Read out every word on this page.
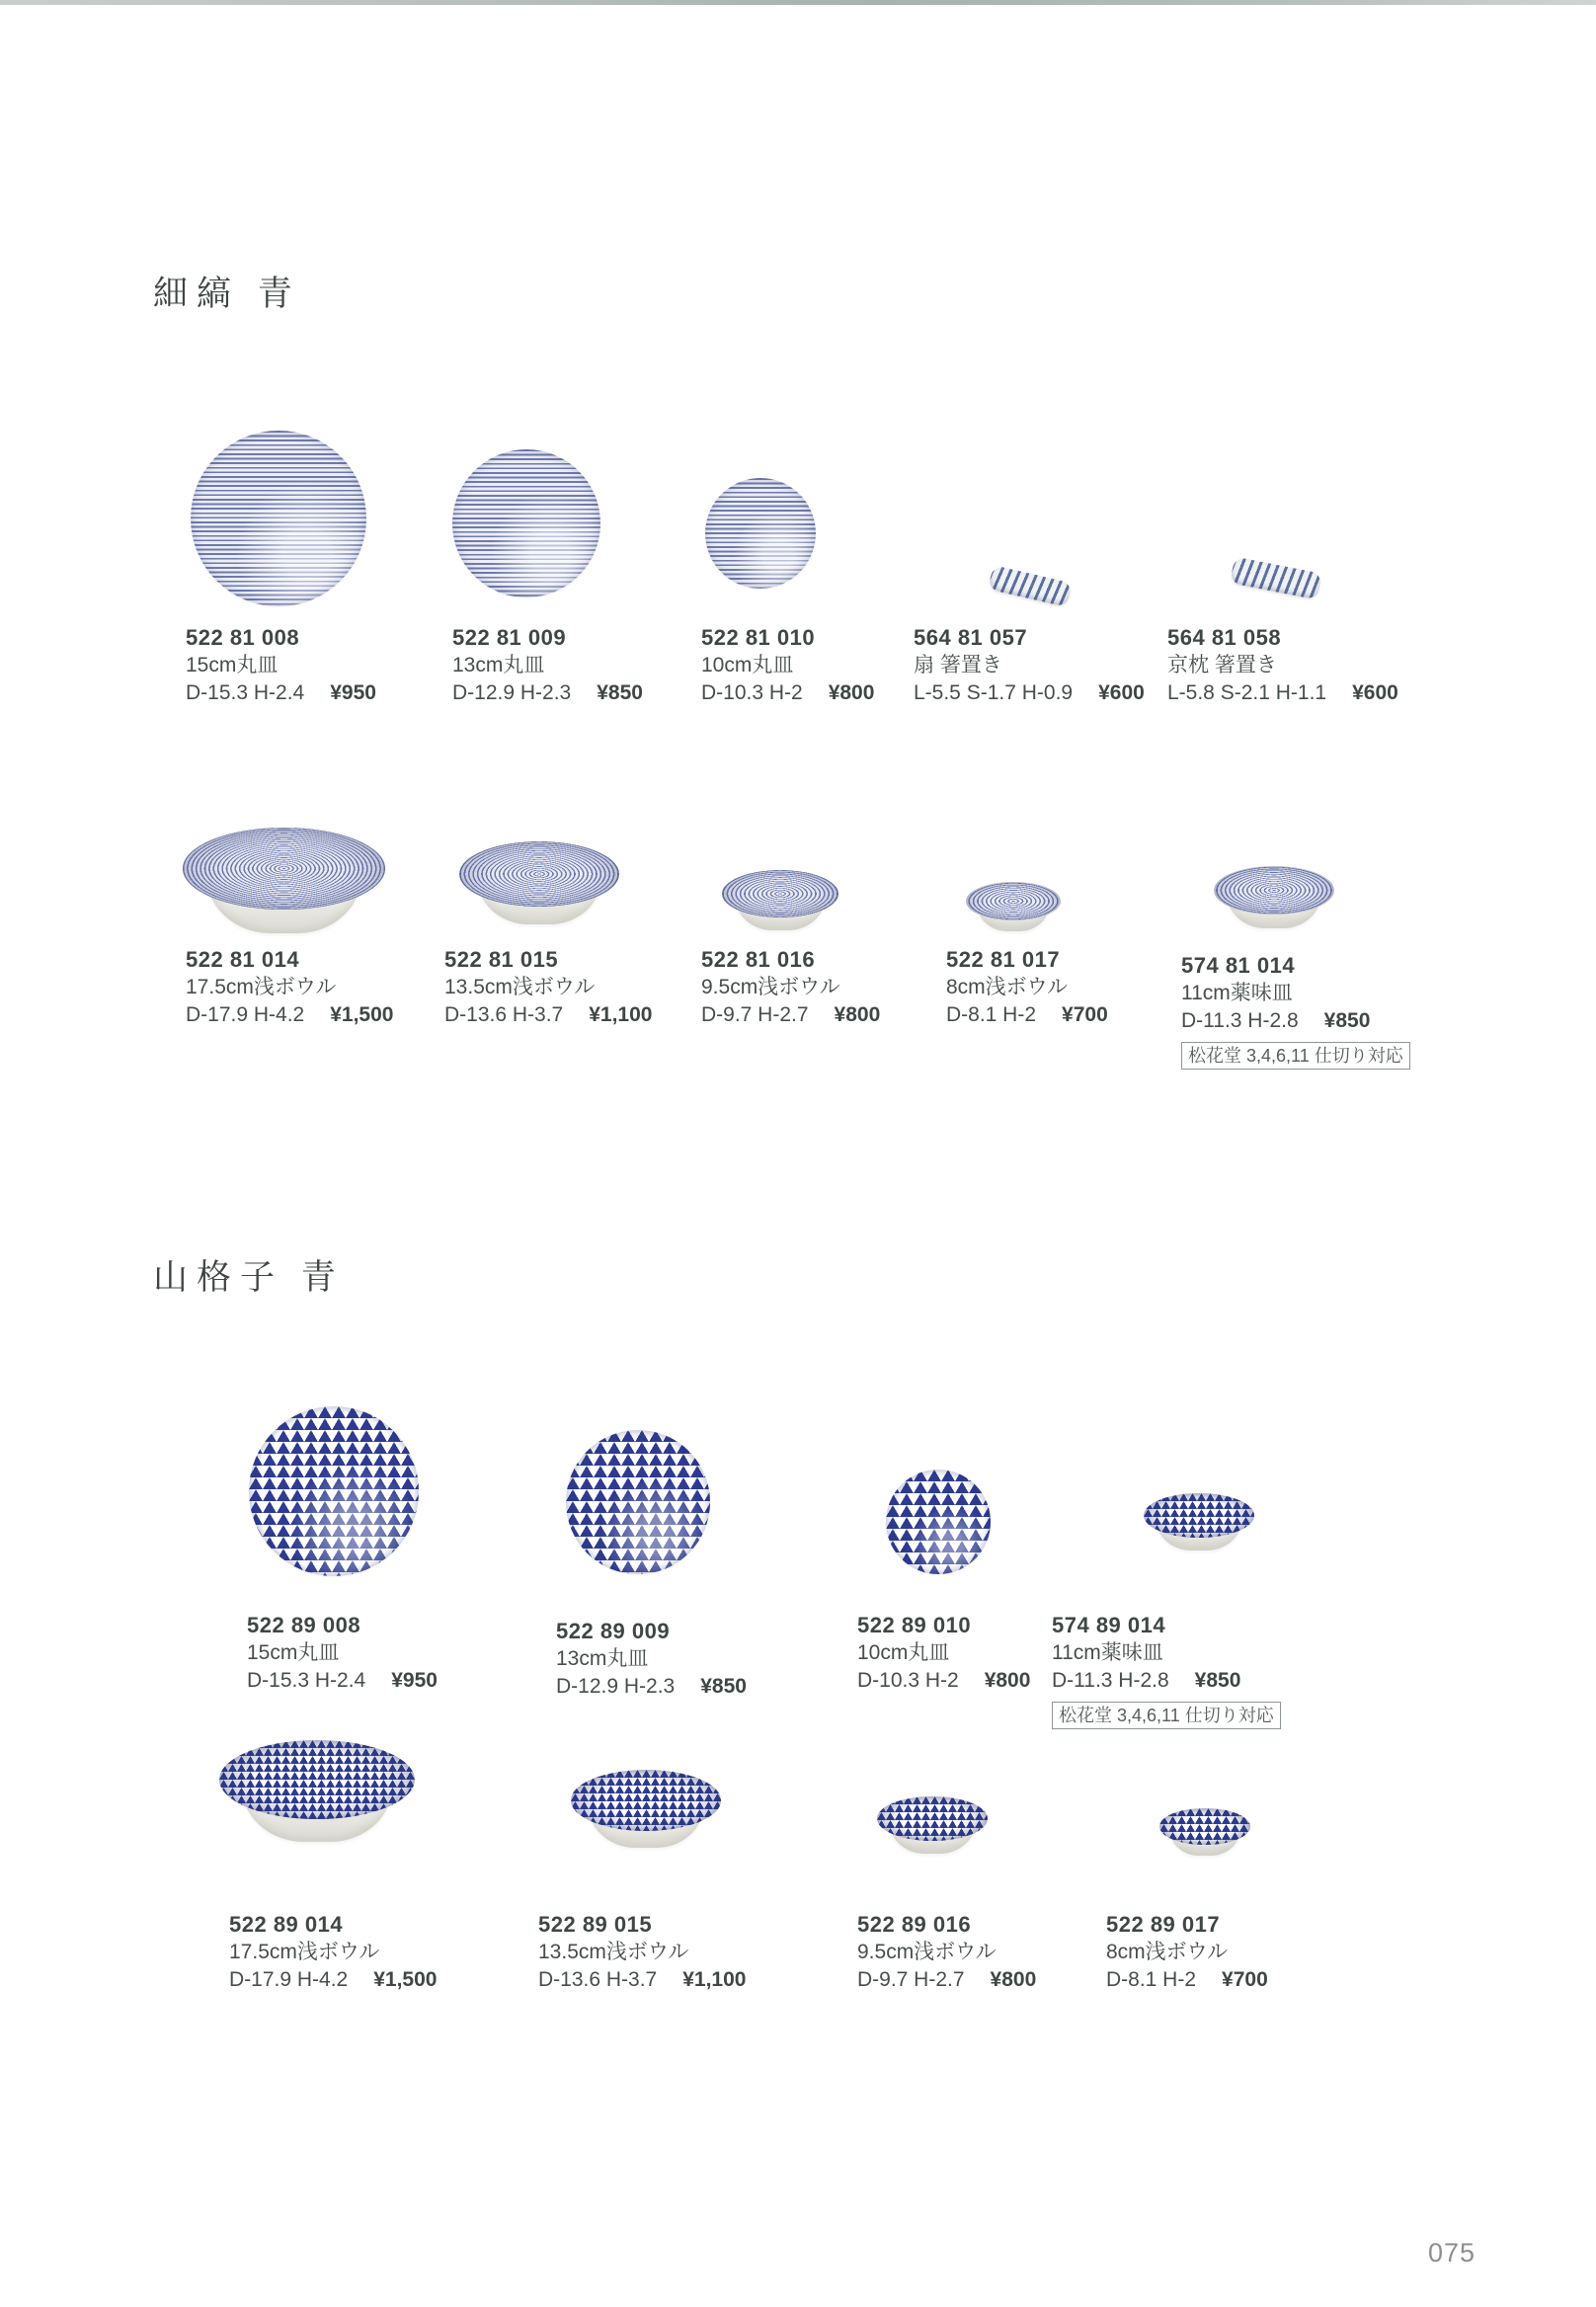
細縞 青
522 81 008
15cm丸皿
D-15.3 H-2.4 ¥950
522 81 009
13cm丸皿
D-12.9 H-2.3 ¥850
522 81 010
10cm丸皿
D-10.3 H-2 ¥800
564 81 057
扇 箸置き
L-5.5 S-1.7 H-0.9 ¥600
564 81 058
京枕 箸置き
L-5.8 S-2.1 H-1.1 ¥600
522 81 014
17.5cm浅ボウル
D-17.9 H-4.2 ¥1,500
522 81 015
13.5cm浅ボウル
D-13.6 H-3.7 ¥1,100
522 81 016
9.5cm浅ボウル
D-9.7 H-2.7 ¥800
522 81 017
8cm浅ボウル
D-8.1 H-2 ¥700
574 81 014
11cm薬味皿
D-11.3 H-2.8 ¥850
松花堂 3,4,6,11 仕切り対応
山格子 青
522 89 008
15cm丸皿
D-15.3 H-2.4 ¥950
522 89 009
13cm丸皿
D-12.9 H-2.3 ¥850
522 89 010
10cm丸皿
D-10.3 H-2 ¥800
574 89 014
11cm薬味皿
D-11.3 H-2.8 ¥850
松花堂 3,4,6,11 仕切り対応
522 89 014
17.5cm浅ボウル
D-17.9 H-4.2 ¥1,500
522 89 015
13.5cm浅ボウル
D-13.6 H-3.7 ¥1,100
522 89 016
9.5cm浅ボウル
D-9.7 H-2.7 ¥800
522 89 017
8cm浅ボウル
D-8.1 H-2 ¥700
075
